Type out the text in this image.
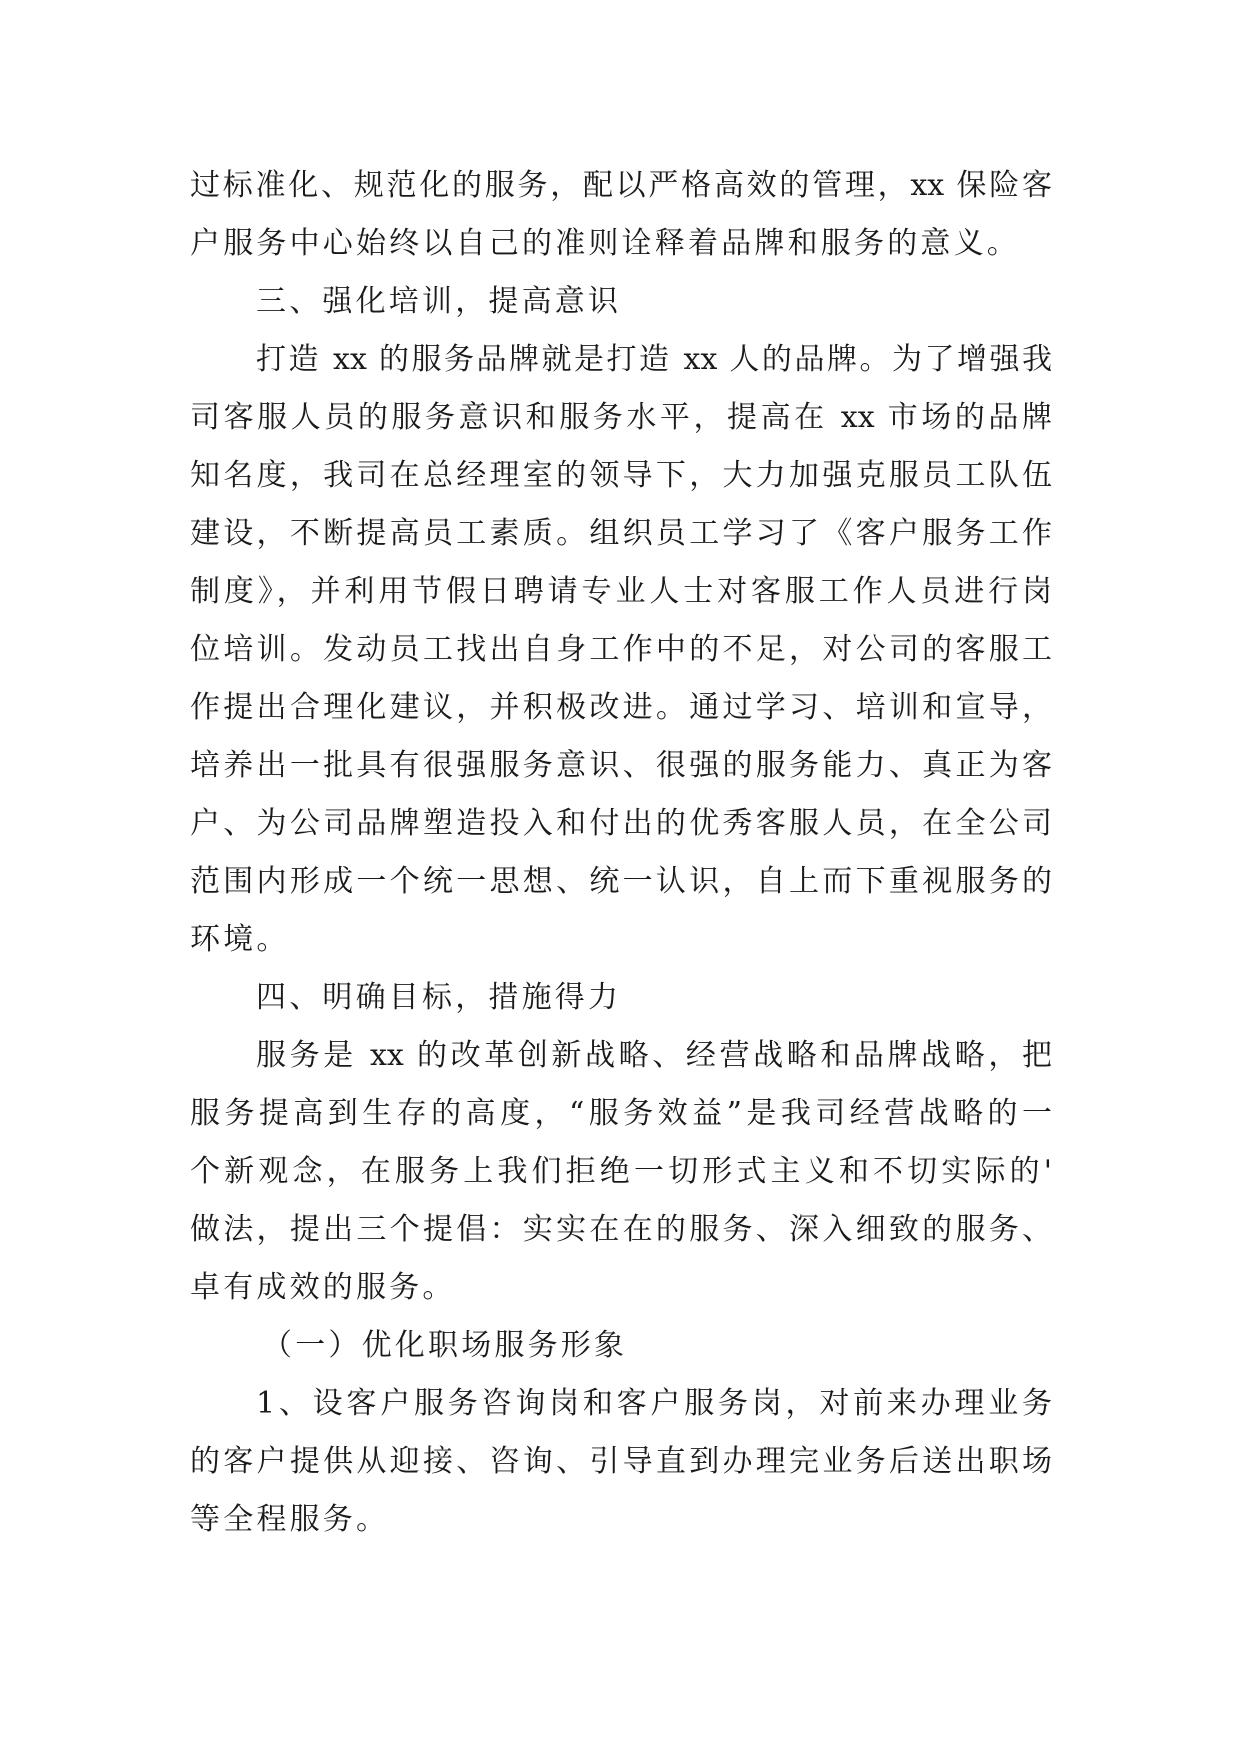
过标准化、规范化的服务，配以严格高效的管理，xx 保险客
户服务中心始终以自己的准则诠释着品牌和服务的意义。
三、强化培训，提高意识
打造 xx 的服务品牌就是打造 xx 人的品牌。为了增强我
司客服人员的服务意识和服务水平，提高在 xx 市场的品牌
知名度，我司在总经理室的领导下，大力加强克服员工队伍
建设，不断提高员工素质。组织员工学习了《客户服务工作
制度》，并利用节假日聘请专业人士对客服工作人员进行岗
位培训。发动员工找出自身工作中的不足，对公司的客服工
作提出合理化建议，并积极改进。通过学习、培训和宣导，
培养出一批具有很强服务意识、很强的服务能力、真正为客
户、为公司品牌塑造投入和付出的优秀客服人员，在全公司
范围内形成一个统一思想、统一认识，自上而下重视服务的
环境。
四、明确目标，措施得力
服务是 xx 的改革创新战略、经营战略和品牌战略，把
服务提高到生存的高度，“服务效益”是我司经营战略的一
个新观念，在服务上我们拒绝一切形式主义和不切实际的'
做法，提出三个提倡：实实在在的服务、深入细致的服务、
卓有成效的服务。
（一）优化职场服务形象
1、设客户服务咨询岗和客户服务岗，对前来办理业务
的客户提供从迎接、咨询、引导直到办理完业务后送出职场
等全程服务。
